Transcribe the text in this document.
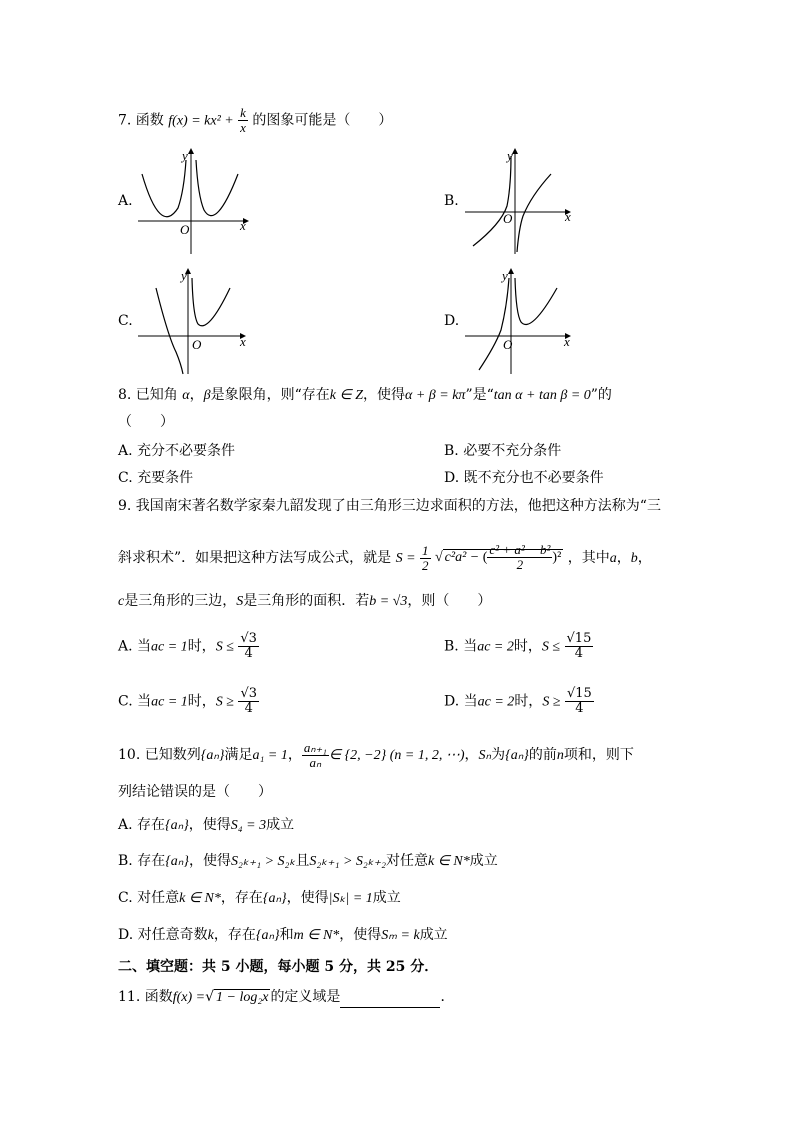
7. 函数 $f(x) = kx^2 + \frac{k}{x}$ 的图象可能是（　　）
A.	B.
C.	D.
y
x
O
y
x
O
y
x
O
y
x
O
8. 已知角 α，β是象限角，则“存在k ∈ Z，使得α + β = kπ”是“tan α + tan β = 0”的
（　　）
A. 充分不必要条件	B. 必要不充分条件
C. 充要条件	D. 既不充分也不必要条件
9. 我国南宋著名数学家秦九韶发现了由三角形三边求面积的方法，他把这种方法称为“三
斜求积术”．如果把这种方法写成公式，就是 $S = \frac{1}{2}$ √ c²a² − ( $\frac{\text{c² + a² − b²}}{2} )^2$ ，其中a，b，
c是三角形的三边，S是三角形的面积．若b = √3，则（　　）
A. 当ac = 1时，$S \le \frac{√3}{4}$	B. 当ac = 2时，$S \le \frac{√15}{4}$
C. 当ac = 1时，$S \ge \frac{√3}{4}$	D. 当ac = 2时，$S \ge \frac{√15}{4}$
10. 已知数列{aₙ}满足a₁ = 1， $\frac{\text{aₙ₊₁}}{\text{aₙ}}$ ∈ {2, −2} (n = 1, 2, ⋯)，Sₙ为{aₙ}的前n项和，则下
列结论错误的是（　　）
A. 存在{aₙ}，使得S₄ = 3成立
B. 存在{aₙ}，使得S₂ₖ₊₁ > S₂ₖ且S₂ₖ₊₁ > S₂ₖ₊₂对任意k ∈ N*成立
C. 对任意k ∈ N*，存在{aₙ}，使得|Sₖ| = 1成立
D. 对任意奇数k，存在{aₙ}和m ∈ N*，使得Sₘ = k成立
二、填空题：共 5 小题，每小题 5 分，共 25 分．
11. 函数f(x) =√ 1 − log₂x 的定义域是	．
